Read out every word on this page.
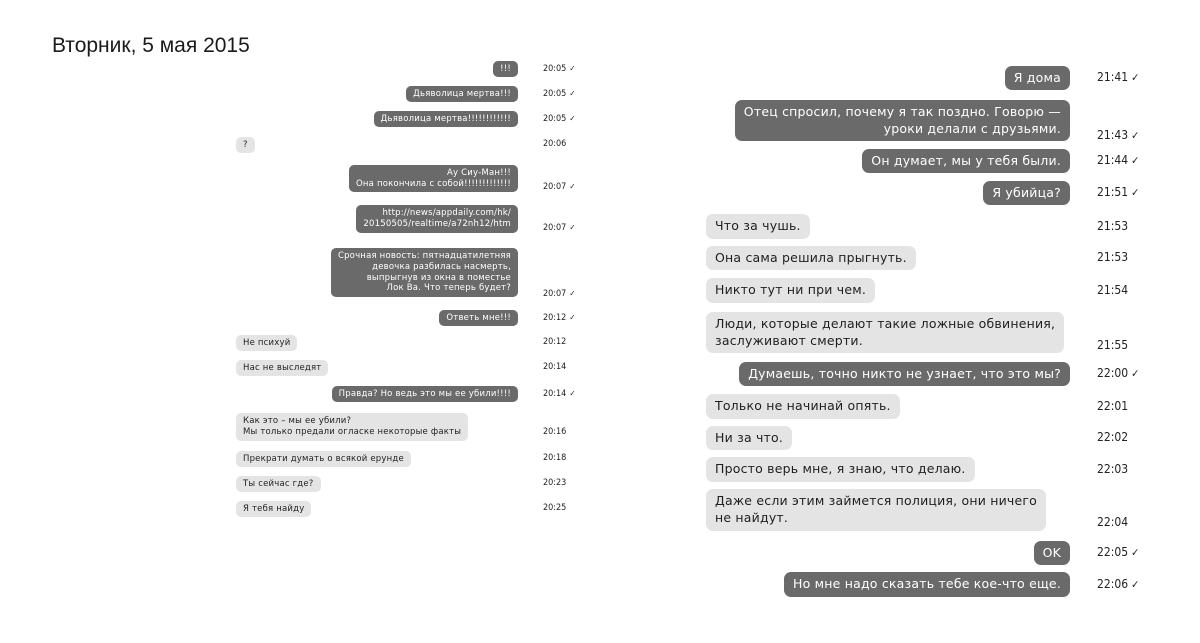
Вторник, 5 мая 2015
!!!	20:05 ✓
Дьяволица мертва!!!	20:05 ✓
Дьяволица мертва!!!!!!!!!!!!	20:05 ✓
?	20:06
Ау Сиу-Ман!!!
Она покончила с собой!!!!!!!!!!!!!	20:07 ✓
http://news/appdaily.com/hk/
20150505/realtime/a72nh12/htm	20:07 ✓
Срочная новость: пятнадцатилетняя
девочка разбилась насмерть,
выпрыгнув из окна в поместье
Лок Ва. Что теперь будет?
20:07 ✓
Ответь мне!!!	20:12 ✓
Не психуй	20:12
Нас не выследят	20:14
Правда? Но ведь это мы ее убили!!!!	20:14 ✓
Как это – мы ее убили?
Мы только предали огласке некоторые факты	20:16
Прекрати думать о всякой ерунде	20:18
Ты сейчас где?	20:23
Я тебя найду	20:25
Я дома	21:41 ✓
Отец спросил, почему я так поздно. Говорю —
уроки делали с друзьями.	21:43 ✓
Он думает, мы у тебя были.	21:44 ✓
Я убийца?	21:51 ✓
Что за чушь.	21:53
Она сама решила прыгнуть.	21:53
Никто тут ни при чем.	21:54
Люди, которые делают такие ложные обвинения,
заслуживают смерти.	21:55
Думаешь, точно никто не узнает, что это мы?	22:00 ✓
Только не начинай опять.	22:01
Ни за что.	22:02
Просто верь мне, я знаю, что делаю.	22:03
Даже если этим займется полиция, они ничего
не найдут.	22:04
OK	22:05 ✓
Но мне надо сказать тебе кое-что еще.	22:06 ✓
